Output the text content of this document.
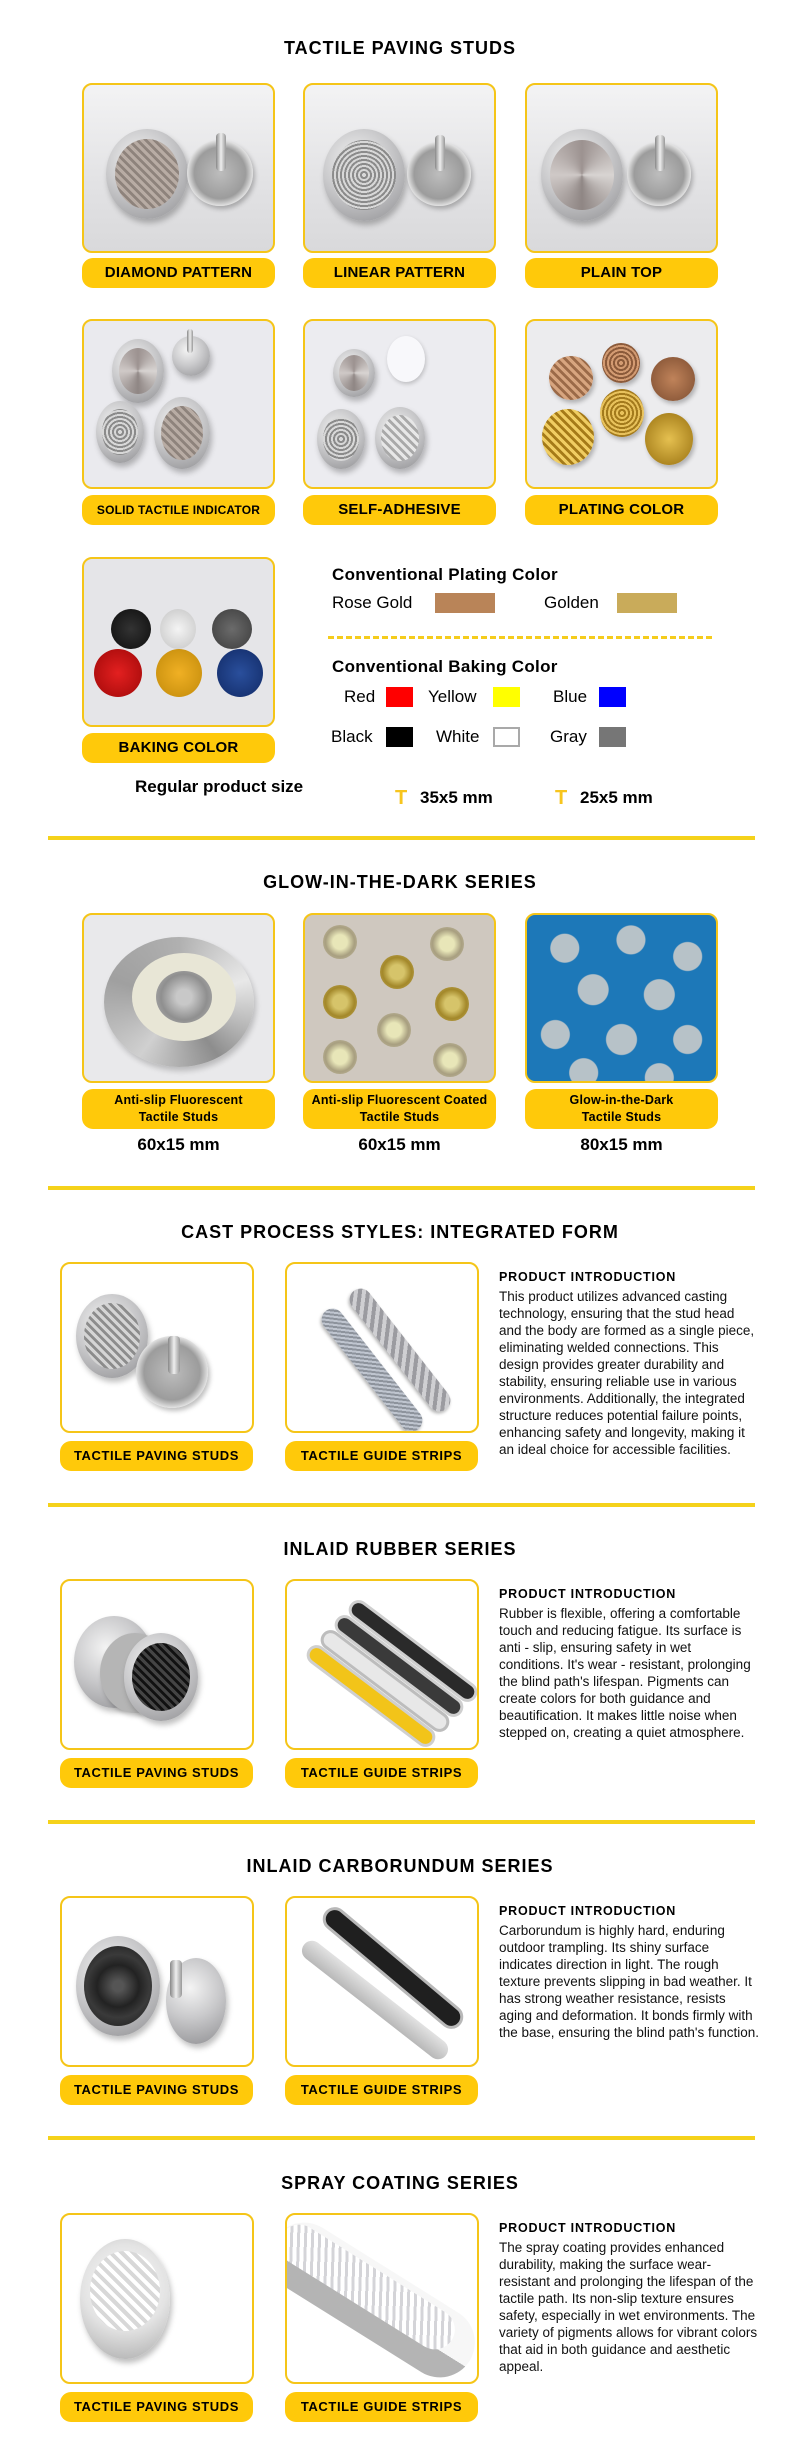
TACTILE PAVING STUDS
DIAMOND PATTERN	LINEAR PATTERN	PLAIN TOP
SOLID TACTILE INDICATOR	SELF-ADHESIVE	PLATING COLOR
BAKING COLOR
Conventional Plating Color
Rose Gold	Golden
Conventional Baking Color
Red	Yellow	Blue
Black	White	Gray
Regular product size
T 35x5 mm	T 25x5 mm
GLOW-IN-THE-DARK SERIES
Anti-slip Fluorescent
Tactile Studs
60x15 mm
Anti-slip Fluorescent Coated
Tactile Studs
60x15 mm
Glow-in-the-Dark
Tactile Studs
80x15 mm
CAST PROCESS STYLES: INTEGRATED FORM
TACTILE PAVING STUDS	TACTILE GUIDE STRIPS
PRODUCT INTRODUCTION

This product utilizes advanced casting technology, ensuring that the stud head and the body are formed as a single piece, eliminating welded connections. This design provides greater durability and stability, ensuring reliable use in various environments. Additionally, the integrated structure reduces potential failure points, enhancing safety and longevity, making it an ideal choice for accessible facilities.

INLAID RUBBER SERIES
TACTILE PAVING STUDS	TACTILE GUIDE STRIPS
PRODUCT INTRODUCTION

Rubber is flexible, offering a comfortable touch and reducing fatigue. Its surface is anti - slip, ensuring safety in wet conditions. It's wear - resistant, prolonging the blind path's lifespan. Pigments can create colors for both guidance and beautification. It makes little noise when stepped on, creating a quiet atmosphere.

INLAID CARBORUNDUM SERIES
TACTILE PAVING STUDS	TACTILE GUIDE STRIPS
PRODUCT INTRODUCTION

Carborundum is highly hard, enduring outdoor trampling. Its shiny surface indicates direction in light. The rough texture prevents slipping in bad weather. It has strong weather resistance, resists aging and deformation. It bonds firmly with the base, ensuring the blind path's function.

SPRAY COATING SERIES
TACTILE PAVING STUDS	TACTILE GUIDE STRIPS
PRODUCT INTRODUCTION

The spray coating provides enhanced durability, making the surface wear-resistant and prolonging the lifespan of the tactile path. Its non-slip texture ensures safety, especially in wet environments. The variety of pigments allows for vibrant colors that aid in both guidance and aesthetic appeal.
